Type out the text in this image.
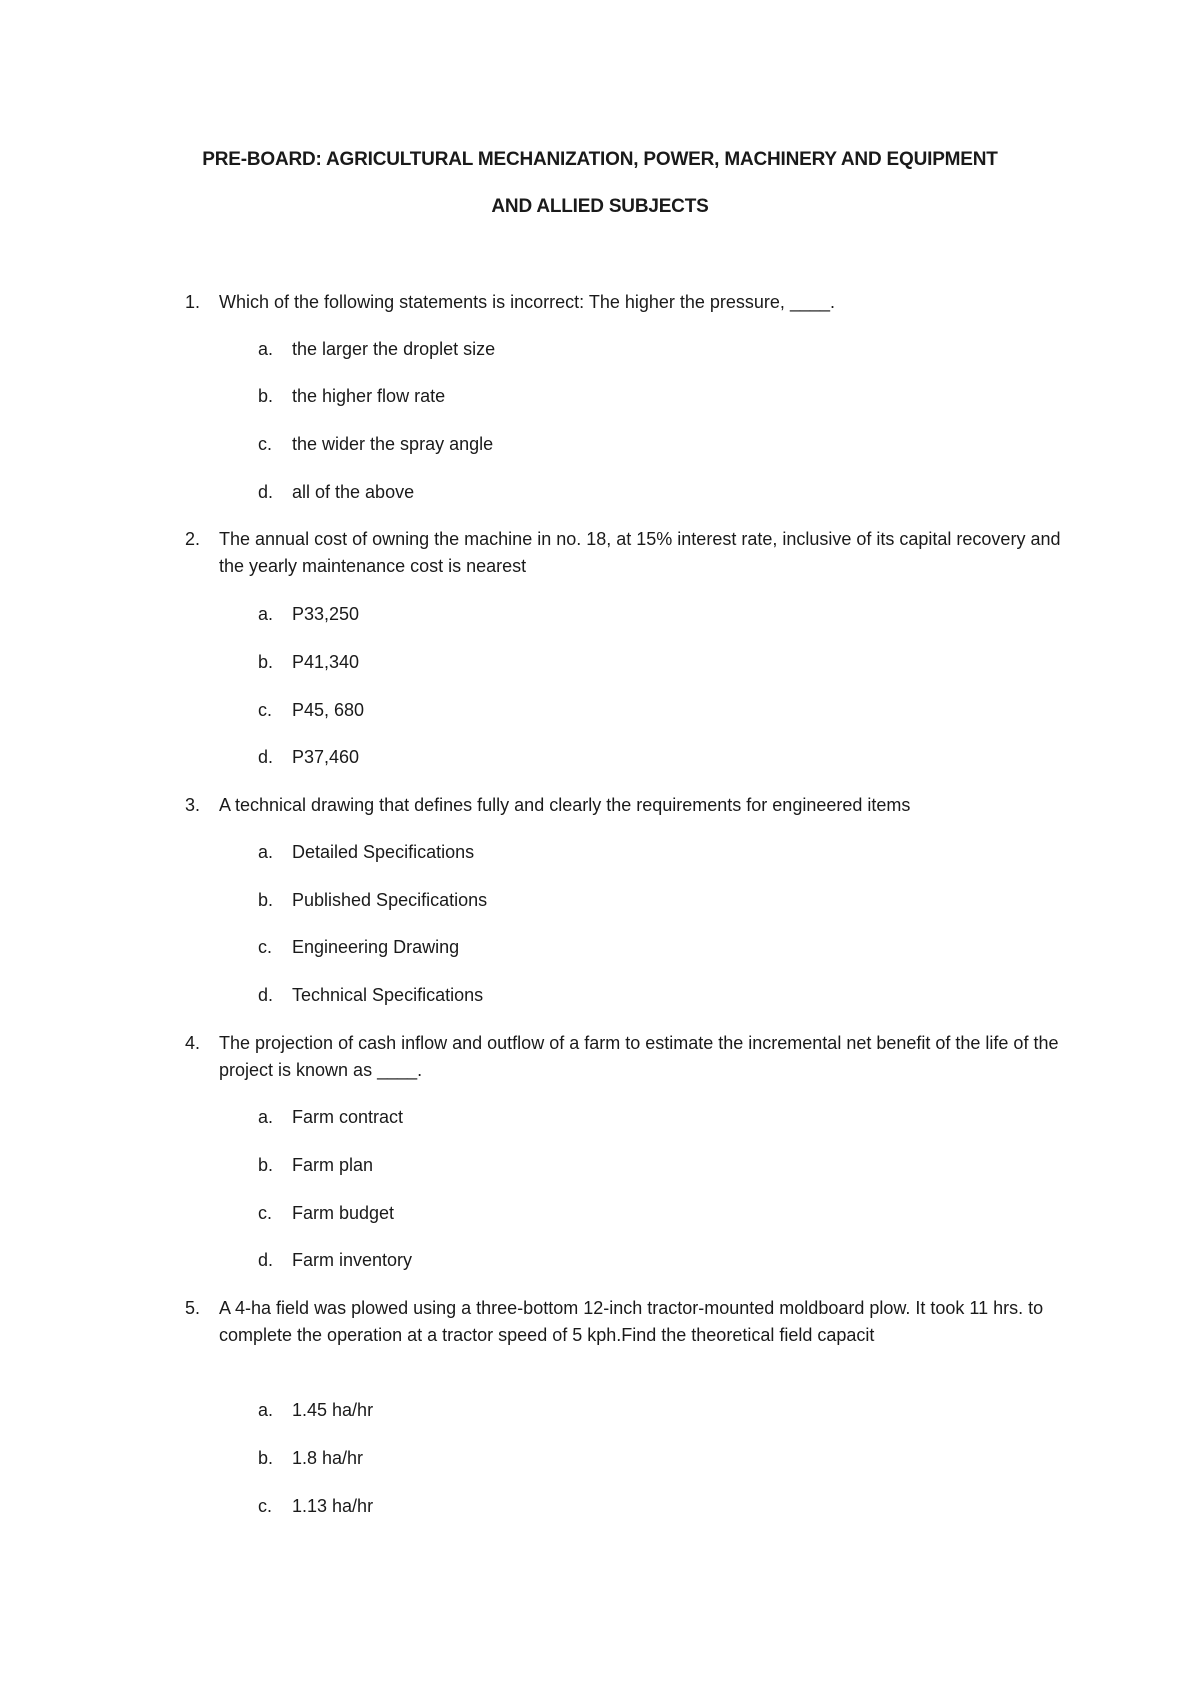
PRE-BOARD: AGRICULTURAL MECHANIZATION, POWER, MACHINERY AND EQUIPMENT
AND ALLIED SUBJECTS
1.	Which of the following statements is incorrect: The higher the pressure, ____.
a. the larger the droplet size
b. the higher flow rate
c. the wider the spray angle
d. all of the above
2.	The annual cost of owning the machine in no. 18, at 15% interest rate, inclusive of its capital recovery and the yearly maintenance cost is nearest
a. P33,250
b. P41,340
c. P45, 680
d. P37,460
3.	A technical drawing that defines fully and clearly the requirements for engineered items
a. Detailed Specifications
b. Published Specifications
c. Engineering Drawing
d. Technical Specifications
4.	The projection of cash inflow and outflow of a farm to estimate the incremental net benefit of the life of the project is known as ____.
a. Farm contract
b. Farm plan
c. Farm budget
d. Farm inventory
5.	A 4-ha field was plowed using a three-bottom 12-inch tractor-mounted moldboard plow. It took 11 hrs. to complete the operation at a tractor speed of 5 kph.Find the theoretical field capacit
a. 1.45 ha/hr
b. 1.8 ha/hr
c. 1.13 ha/hr
